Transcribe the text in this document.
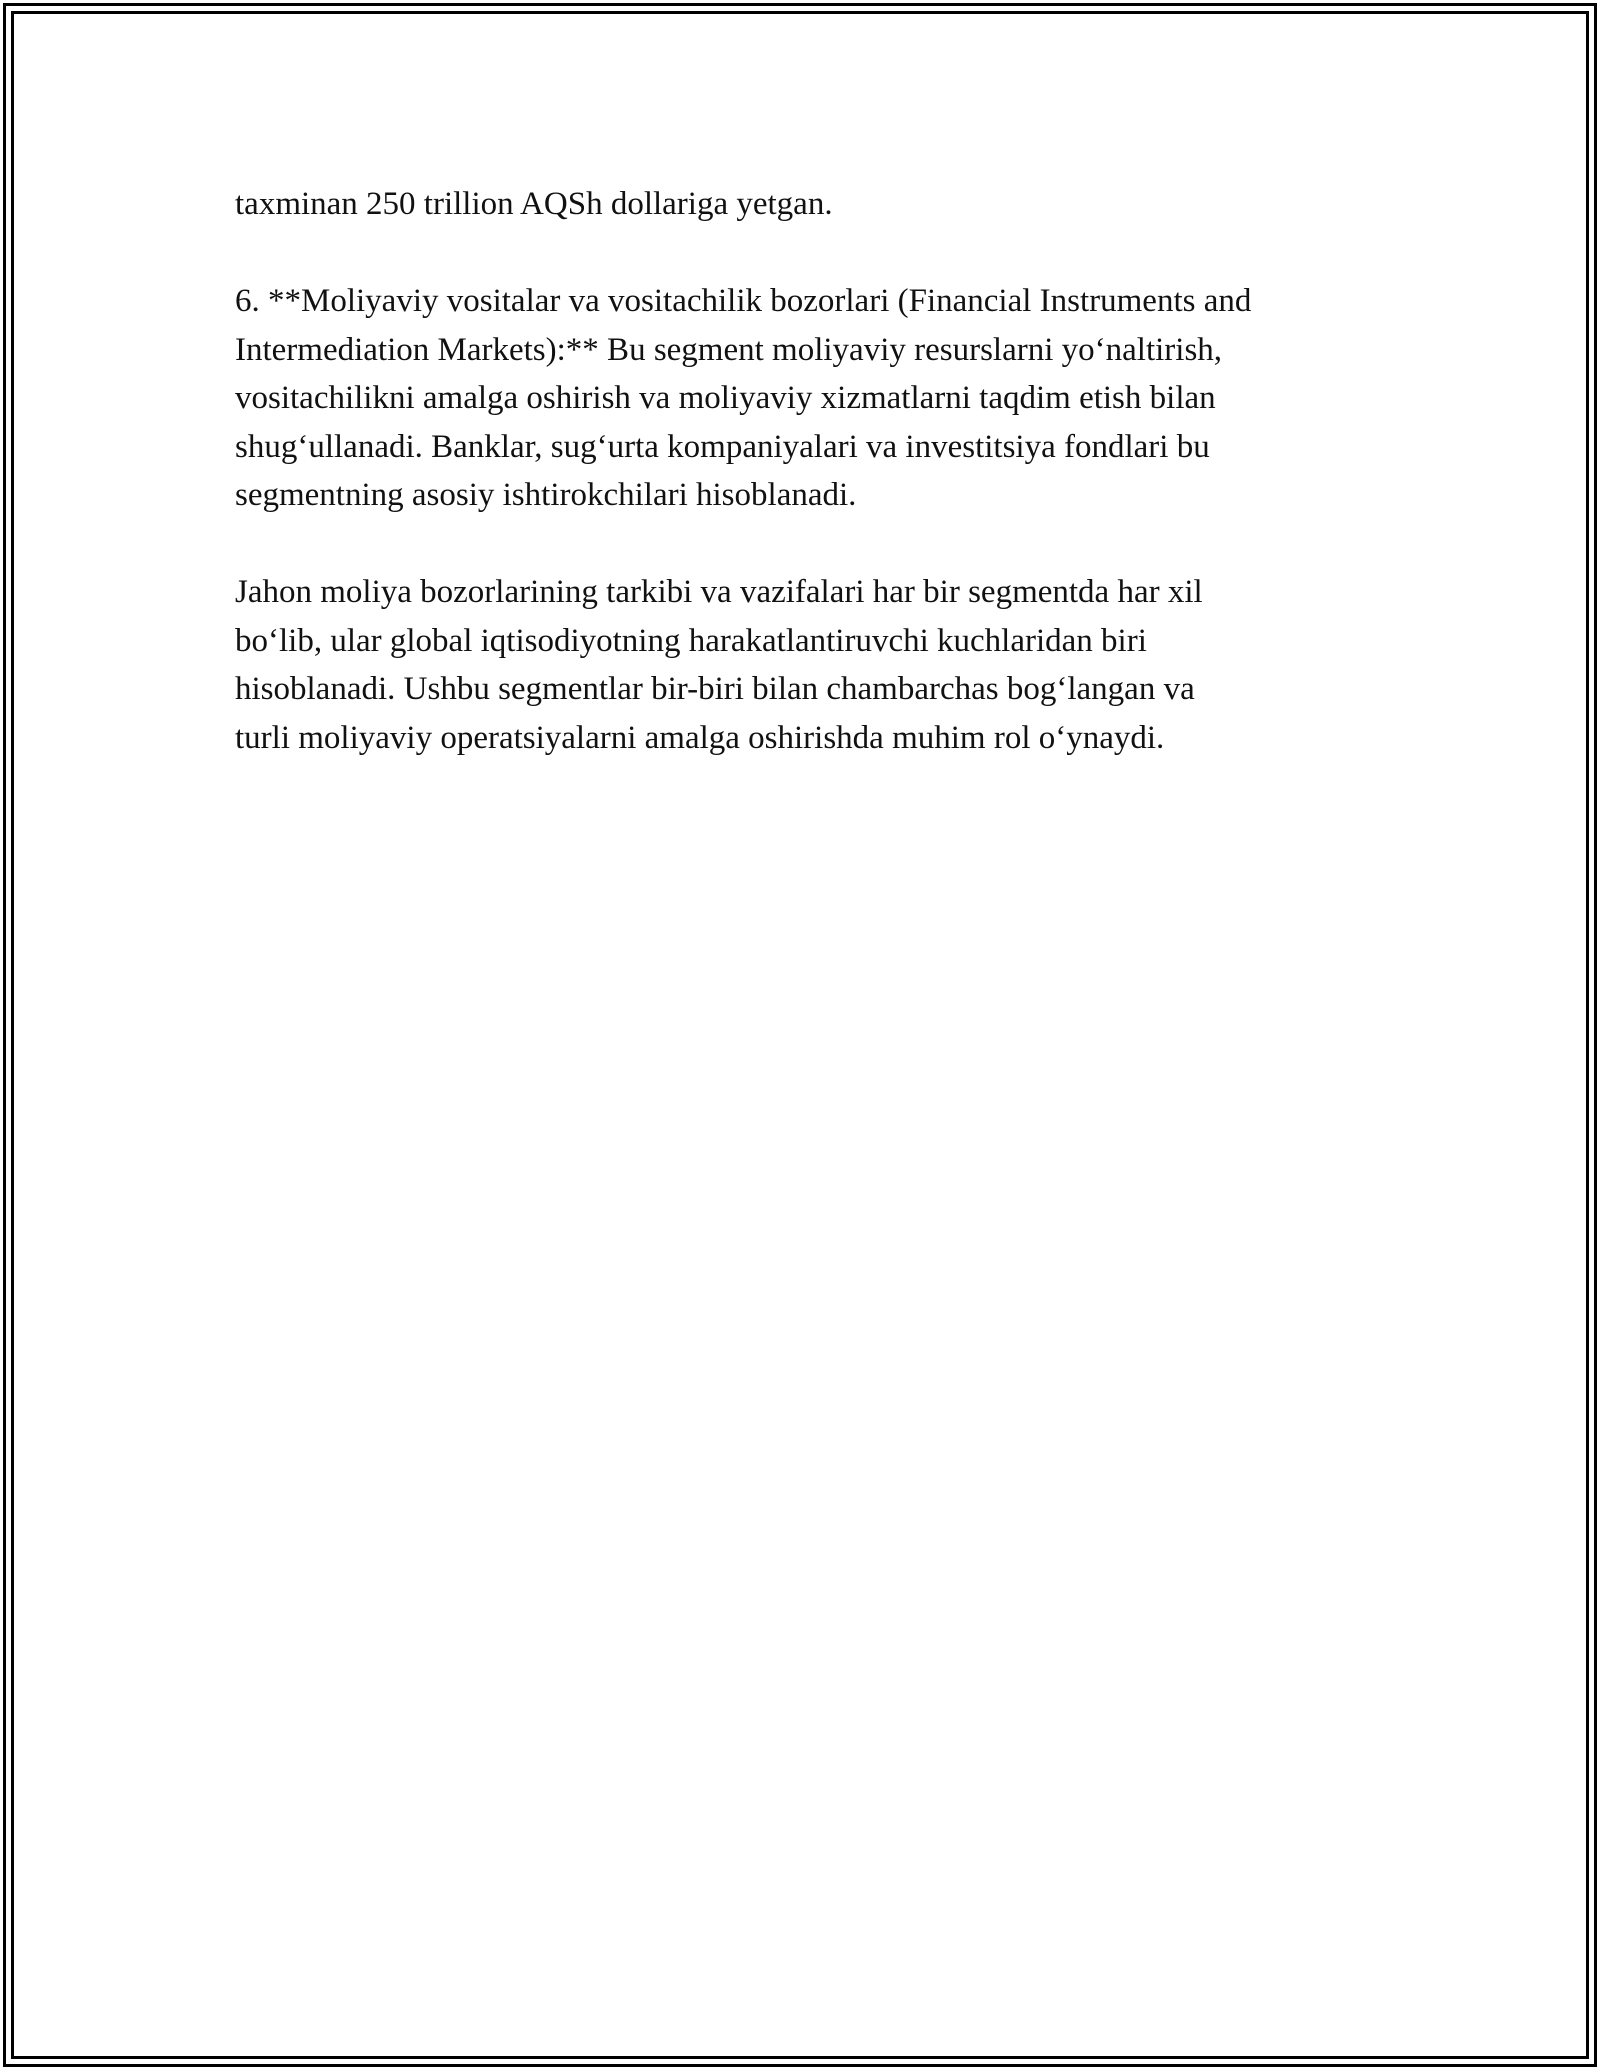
taxminan 250 trillion AQSh dollariga yetgan.

6. **Moliyaviy vositalar va vositachilik bozorlari (Financial Instruments and

Intermediation Markets):** Bu segment moliyaviy resurslarni yo‘naltirish,

vositachilikni amalga oshirish va moliyaviy xizmatlarni taqdim etish bilan

shug‘ullanadi. Banklar, sug‘urta kompaniyalari va investitsiya fondlari bu

segmentning asosiy ishtirokchilari hisoblanadi.

Jahon moliya bozorlarining tarkibi va vazifalari har bir segmentda har xil

bo‘lib, ular global iqtisodiyotning harakatlantiruvchi kuchlaridan biri

hisoblanadi. Ushbu segmentlar bir-biri bilan chambarchas bog‘langan va

turli moliyaviy operatsiyalarni amalga oshirishda muhim rol o‘ynaydi.
